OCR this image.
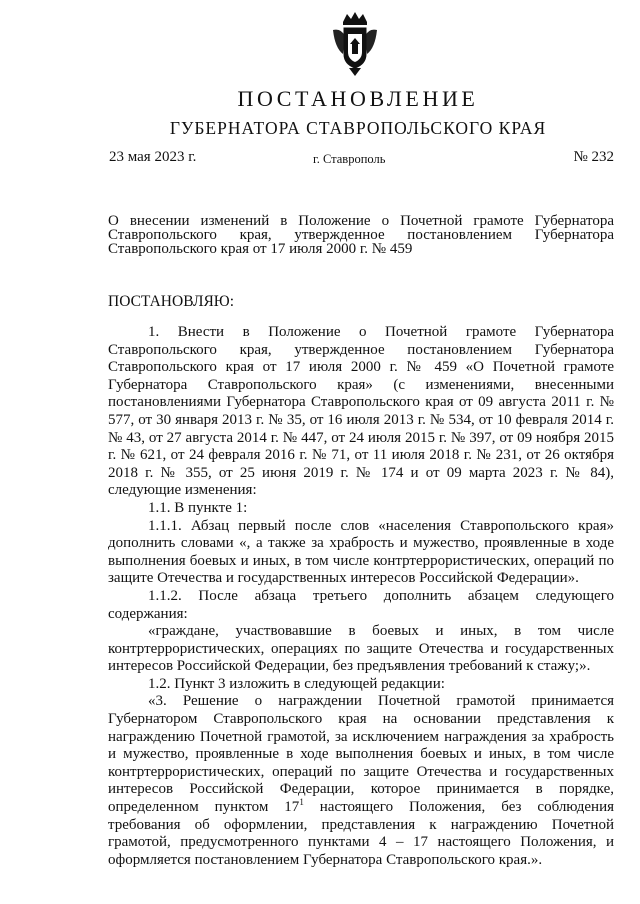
ПОСТАНОВЛЕНИЕ
ГУБЕРНАТОРА СТАВРОПОЛЬСКОГО КРАЯ
23 мая 2023 г.	г. Ставрополь	№ 232
О внесении изменений в Положение о Почетной грамоте Губернатора Ставропольского края, утвержденное постановлением Губернатора Ставропольского края от 17 июля 2000 г. № 459
ПОСТАНОВЛЯЮ:

1. Внести в Положение о Почетной грамоте Губернатора Ставропольского края, утвержденное постановлением Губернатора Ставропольского края от 17 июля 2000 г. № 459 «О Почетной грамоте Губернатора Ставропольского края» (с изменениями, внесенными постановлениями Губернатора Ставропольского края от 09 августа 2011 г. № 577, от 30 января 2013 г. № 35, от 16 июля 2013 г. № 534, от 10 февраля 2014 г. № 43, от 27 августа 2014 г. № 447, от 24 июля 2015 г. № 397, от 09 ноября 2015 г. № 621, от 24 февраля 2016 г. № 71, от 11 июля 2018 г. № 231, от 26 октября 2018 г. № 355, от 25 июня 2019 г. № 174 и от 09 марта 2023 г. № 84), следующие изменения:

1.1. В пункте 1:

1.1.1. Абзац первый после слов «населения Ставропольского края» дополнить словами «, а также за храбрость и мужество, проявленные в ходе выполнения боевых и иных, в том числе контртеррористических, операций по защите Отечества и государственных интересов Российской Федерации».

1.1.2. После абзаца третьего дополнить абзацем следующего содержания:

«граждане, участвовавшие в боевых и иных, в том числе контртеррористических, операциях по защите Отечества и государственных интересов Российской Федерации, без предъявления требований к стажу;».

1.2. Пункт 3 изложить в следующей редакции:

«3. Решение о награждении Почетной грамотой принимается Губернатором Ставропольского края на основании представления к награждению Почетной грамотой, за исключением награждения за храбрость и мужество, проявленные в ходе выполнения боевых и иных, в том числе контртеррористических, операций по защите Отечества и государственных интересов Российской Федерации, которое принимается в порядке, определенном пунктом $17^1$ настоящего Положения, без соблюдения требования об оформлении, представления к награждению Почетной грамотой, предусмотренного пунктами 4 – 17 настоящего Положения, и оформляется постановлением Губернатора Ставропольского края.».
